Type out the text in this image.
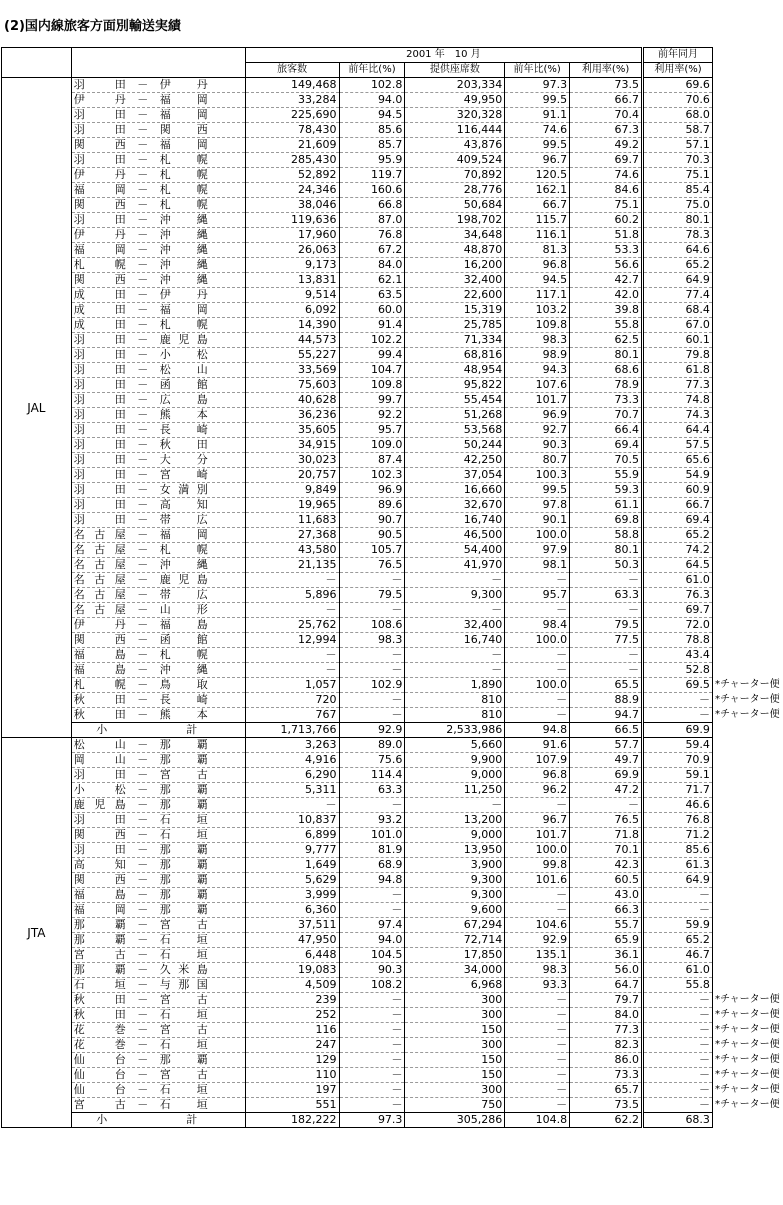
(2)国内線旅客方面別輸送実績
		2001 年　10 月					前年同月	
		旅客数	前年比(%)	提供座席数	前年比(%)	利用率(%)	利用率(%)	
JAL	羽田 － 伊丹	149,468	102.8	203,334	97.3	73.5	69.6	
	伊丹 － 福岡	33,284	94.0	49,950	99.5	66.7	70.6	
	羽田 － 福岡	225,690	94.5	320,328	91.1	70.4	68.0	
	羽田 － 関西	78,430	85.6	116,444	74.6	67.3	58.7	
	関西 － 福岡	21,609	85.7	43,876	99.5	49.2	57.1	
	羽田 － 札幌	285,430	95.9	409,524	96.7	69.7	70.3	
	伊丹 － 札幌	52,892	119.7	70,892	120.5	74.6	75.1	
	福岡 － 札幌	24,346	160.6	28,776	162.1	84.6	85.4	
	関西 － 札幌	38,046	66.8	50,684	66.7	75.1	75.0	
	羽田 － 沖縄	119,636	87.0	198,702	115.7	60.2	80.1	
	伊丹 － 沖縄	17,960	76.8	34,648	116.1	51.8	78.3	
	福岡 － 沖縄	26,063	67.2	48,870	81.3	53.3	64.6	
	札幌 － 沖縄	9,173	84.0	16,200	96.8	56.6	65.2	
	関西 － 沖縄	13,831	62.1	32,400	94.5	42.7	64.9	
	成田 － 伊丹	9,514	63.5	22,600	117.1	42.0	77.4	
	成田 － 福岡	6,092	60.0	15,319	103.2	39.8	68.4	
	成田 － 札幌	14,390	91.4	25,785	109.8	55.8	67.0	
	羽田 － 鹿児島	44,573	102.2	71,334	98.3	62.5	60.1	
	羽田 － 小松	55,227	99.4	68,816	98.9	80.1	79.8	
	羽田 － 松山	33,569	104.7	48,954	94.3	68.6	61.8	
	羽田 － 函館	75,603	109.8	95,822	107.6	78.9	77.3	
	羽田 － 広島	40,628	99.7	55,454	101.7	73.3	74.8	
	羽田 － 熊本	36,236	92.2	51,268	96.9	70.7	74.3	
	羽田 － 長崎	35,605	95.7	53,568	92.7	66.4	64.4	
	羽田 － 秋田	34,915	109.0	50,244	90.3	69.4	57.5	
	羽田 － 大分	30,023	87.4	42,250	80.7	70.5	65.6	
	羽田 － 宮崎	20,757	102.3	37,054	100.3	55.9	54.9	
	羽田 － 女満別	9,849	96.9	16,660	99.5	59.3	60.9	
	羽田 － 高知	19,965	89.6	32,670	97.8	61.1	66.7	
	羽田 － 帯広	11,683	90.7	16,740	90.1	69.8	69.4	
	名古屋 － 福岡	27,368	90.5	46,500	100.0	58.8	65.2	
	名古屋 － 札幌	43,580	105.7	54,400	97.9	80.1	74.2	
	名古屋 － 沖縄	21,135	76.5	41,970	98.1	50.3	64.5	
	名古屋 － 鹿児島	－	－	－	－	－	61.0	
	名古屋 － 帯広	5,896	79.5	9,300	95.7	63.3	76.3	
	名古屋 － 山形	－	－	－	－	－	69.7	
	伊丹 － 福島	25,762	108.6	32,400	98.4	79.5	72.0	
	関西 － 函館	12,994	98.3	16,740	100.0	77.5	78.8	
	福島 － 札幌	－	－	－	－	－	43.4	
	福島 － 沖縄	－	－	－	－	－	52.8	
	札幌 － 鳥取	1,057	102.9	1,890	100.0	65.5	69.5	*チャーター便
	秋田 － 長崎	720	－	810	－	88.9	－	*チャーター便
	秋田 － 熊本	767	－	810	－	94.7	－	*チャーター便
	小　計	1,713,766	92.9	2,533,986	94.8	66.5	69.9	
JTA	松山 － 那覇	3,263	89.0	5,660	91.6	57.7	59.4	
	岡山 － 那覇	4,916	75.6	9,900	107.9	49.7	70.9	
	羽田 － 宮古	6,290	114.4	9,000	96.8	69.9	59.1	
	小松 － 那覇	5,311	63.3	11,250	96.2	47.2	71.7	
	鹿児島 － 那覇	－	－	－	－	－	46.6	
	羽田 － 石垣	10,837	93.2	13,200	96.7	76.5	76.8	
	関西 － 石垣	6,899	101.0	9,000	101.7	71.8	71.2	
	羽田 － 那覇	9,777	81.9	13,950	100.0	70.1	85.6	
	高知 － 那覇	1,649	68.9	3,900	99.8	42.3	61.3	
	関西 － 那覇	5,629	94.8	9,300	101.6	60.5	64.9	
	福島 － 那覇	3,999	－	9,300	－	43.0	－	
	福岡 － 那覇	6,360	－	9,600	－	66.3	－	
	那覇 － 宮古	37,511	97.4	67,294	104.6	55.7	59.9	
	那覇 － 石垣	47,950	94.0	72,714	92.9	65.9	65.2	
	宮古 － 石垣	6,448	104.5	17,850	135.1	36.1	46.7	
	那覇 － 久米島	19,083	90.3	34,000	98.3	56.0	61.0	
	石垣 － 与那国	4,509	108.2	6,968	93.3	64.7	55.8	
	秋田 － 宮古	239	－	300	－	79.7	－	*チャーター便
	秋田 － 石垣	252	－	300	－	84.0	－	*チャーター便
	花巻 － 宮古	116	－	150	－	77.3	－	*チャーター便
	花巻 － 石垣	247	－	300	－	82.3	－	*チャーター便
	仙台 － 那覇	129	－	150	－	86.0	－	*チャーター便
	仙台 － 宮古	110	－	150	－	73.3	－	*チャーター便
	仙台 － 石垣	197	－	300	－	65.7	－	*チャーター便
	宮古 － 石垣	551	－	750	－	73.5	－	*チャーター便
	小　計	182,222	97.3	305,286	104.8	62.2	68.3	
